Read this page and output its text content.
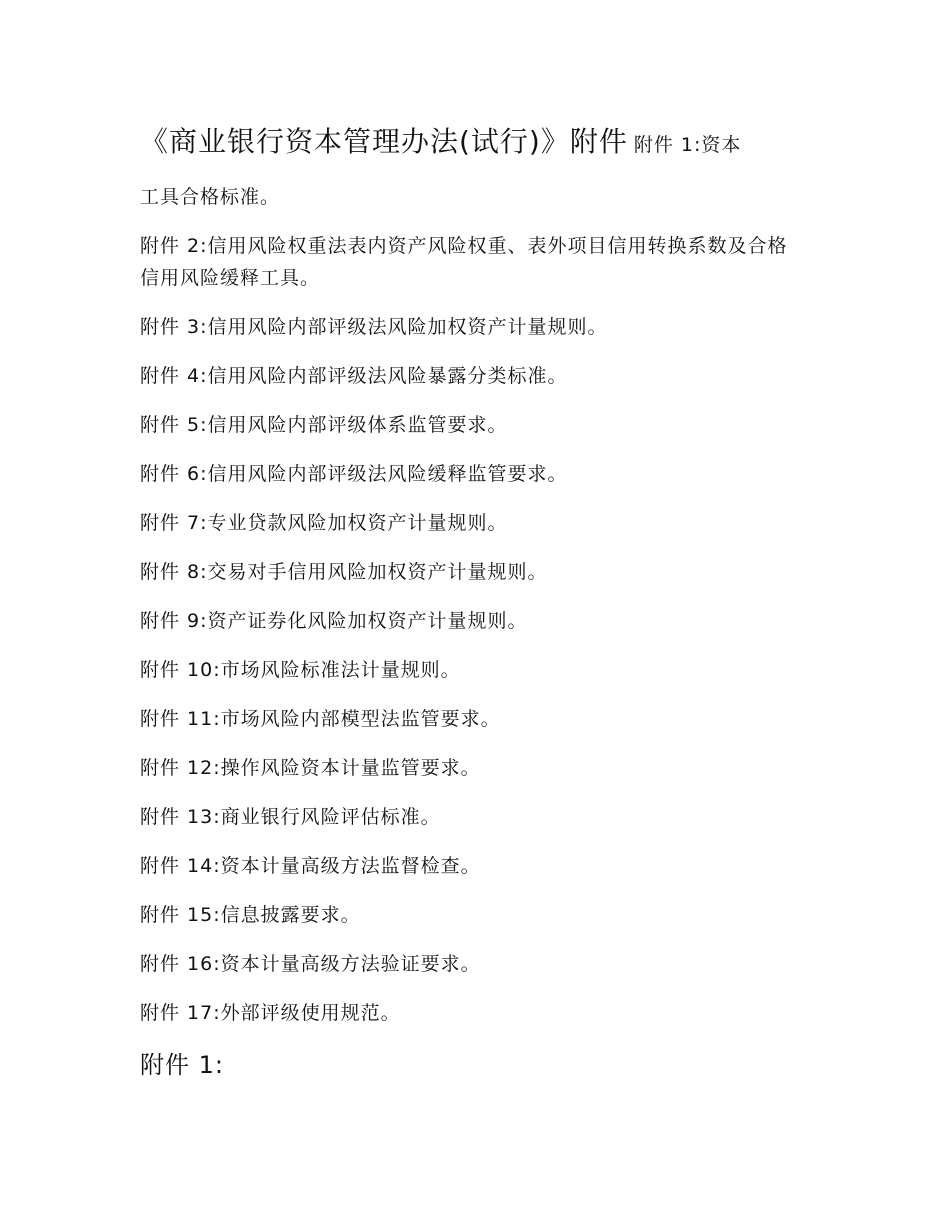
《商业银行资本管理办法(试行)》附件 附件 1:资本
工具合格标准。
附件 2:信用风险权重法表内资产风险权重、表外项目信用转换系数及合格信用风险缓释工具。
附件 3:信用风险内部评级法风险加权资产计量规则。
附件 4:信用风险内部评级法风险暴露分类标准。
附件 5:信用风险内部评级体系监管要求。
附件 6:信用风险内部评级法风险缓释监管要求。
附件 7:专业贷款风险加权资产计量规则。
附件 8:交易对手信用风险加权资产计量规则。
附件 9:资产证券化风险加权资产计量规则。
附件 10:市场风险标准法计量规则。
附件 11:市场风险内部模型法监管要求。
附件 12:操作风险资本计量监管要求。
附件 13:商业银行风险评估标准。
附件 14:资本计量高级方法监督检查。
附件 15:信息披露要求。
附件 16:资本计量高级方法验证要求。
附件 17:外部评级使用规范。
附件 1:
